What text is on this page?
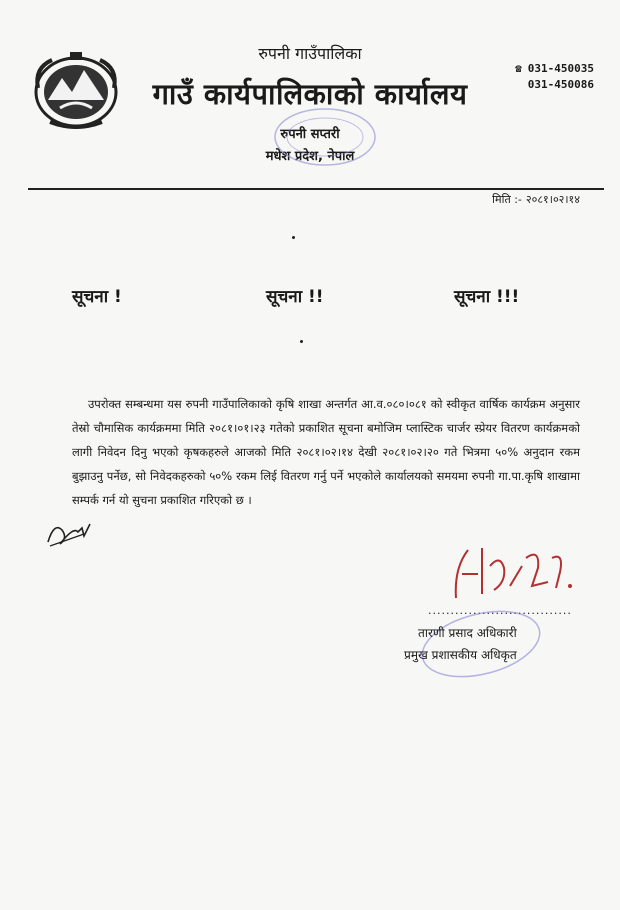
रुपनी गाउँपालिका
गाउँ कार्यपालिकाको कार्यालय
रुपनी सप्तरी
मधेश प्रदेश, नेपाल
☎ 031-450035
031-450086
मिति :- २०८१।०२।१४
सूचना !	सूचना !!	सूचना !!!

उपरोक्त सम्बन्धमा यस रुपनी गाउँपालिकाको कृषि शाखा अन्तर्गत आ.व.०८०।०८१ को स्वीकृत वार्षिक कार्यक्रम अनुसार तेस्रो चौमासिक कार्यक्रममा मिति २०८१।०१।२३ गतेको प्रकाशित सूचना बमोजिम प्लास्टिक चार्जर स्प्रेयर वितरण कार्यक्रमको लागी निवेदन दिनु भएको कृषकहरुले आजको मिति २०८१।०२।१४ देखी २०८१।०२।२० गते भित्रमा ५०% अनुदान रकम बुझाउनु पर्नेछ, सो निवेदकहरुको ५०% रकम लिई वितरण गर्नु पर्ने भएकोले कार्यालयको समयमा रुपनी गा.पा.कृषि शाखामा सम्पर्क गर्न यो सुचना प्रकाशित गरिएको छ ।

................................
तारणी प्रसाद अधिकारी
प्रमुख प्रशासकीय अधिकृत
